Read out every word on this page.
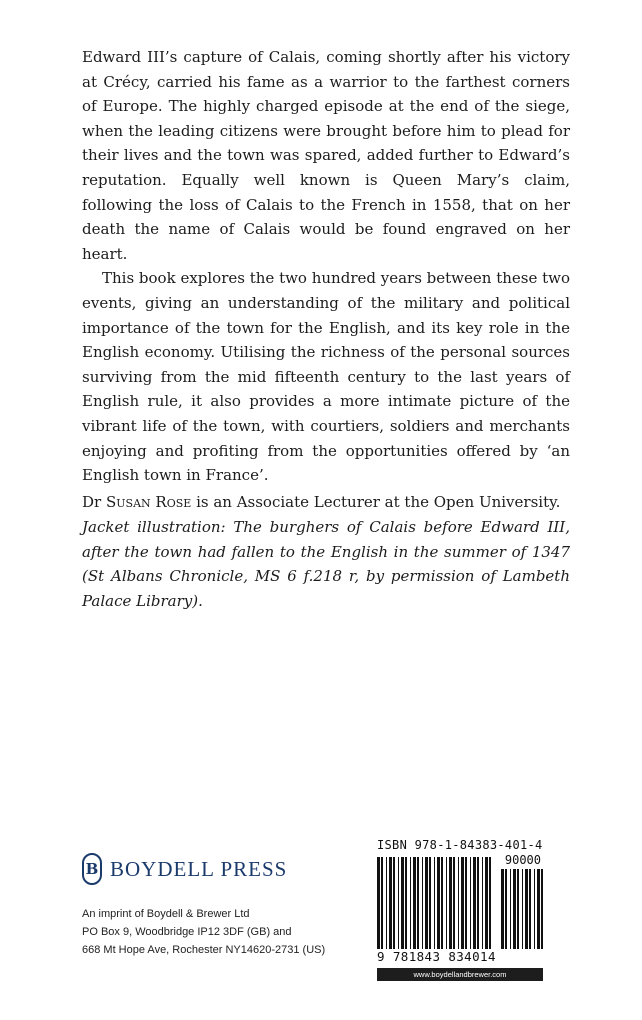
Edward III’s capture of Calais, coming shortly after his victory at Crécy, carried his fame as a warrior to the farthest corners of Europe. The highly charged episode at the end of the siege, when the leading citizens were brought before him to plead for their lives and the town was spared, added further to Edward’s reputation. Equally well known is Queen Mary’s claim, following the loss of Calais to the French in 1558, that on her death the name of Calais would be found engraved on her heart.

This book explores the two hundred years between these two events, giving an understanding of the military and political importance of the town for the English, and its key role in the English economy. Utilising the richness of the personal sources surviving from the mid fifteenth century to the last years of English rule, it also provides a more intimate picture of the vibrant life of the town, with courtiers, soldiers and merchants enjoying and profiting from the opportunities offered by ‘an English town in France’.

Dr Susan Rose is an Associate Lecturer at the Open University.

Jacket illustration: The burghers of Calais before Edward III, after the town had fallen to the English in the summer of 1347 (St Albans Chronicle, MS 6 f.218 r, by permission of Lambeth Palace Library).

B BOYDELL PRESS
An imprint of Boydell & Brewer Ltd
PO Box 9, Woodbridge IP12 3DF (GB) and
668 Mt Hope Ave, Rochester NY14620-2731 (US)
ISBN 978-1-84383-401-4
90000
9 781843 834014
www.boydellandbrewer.com
